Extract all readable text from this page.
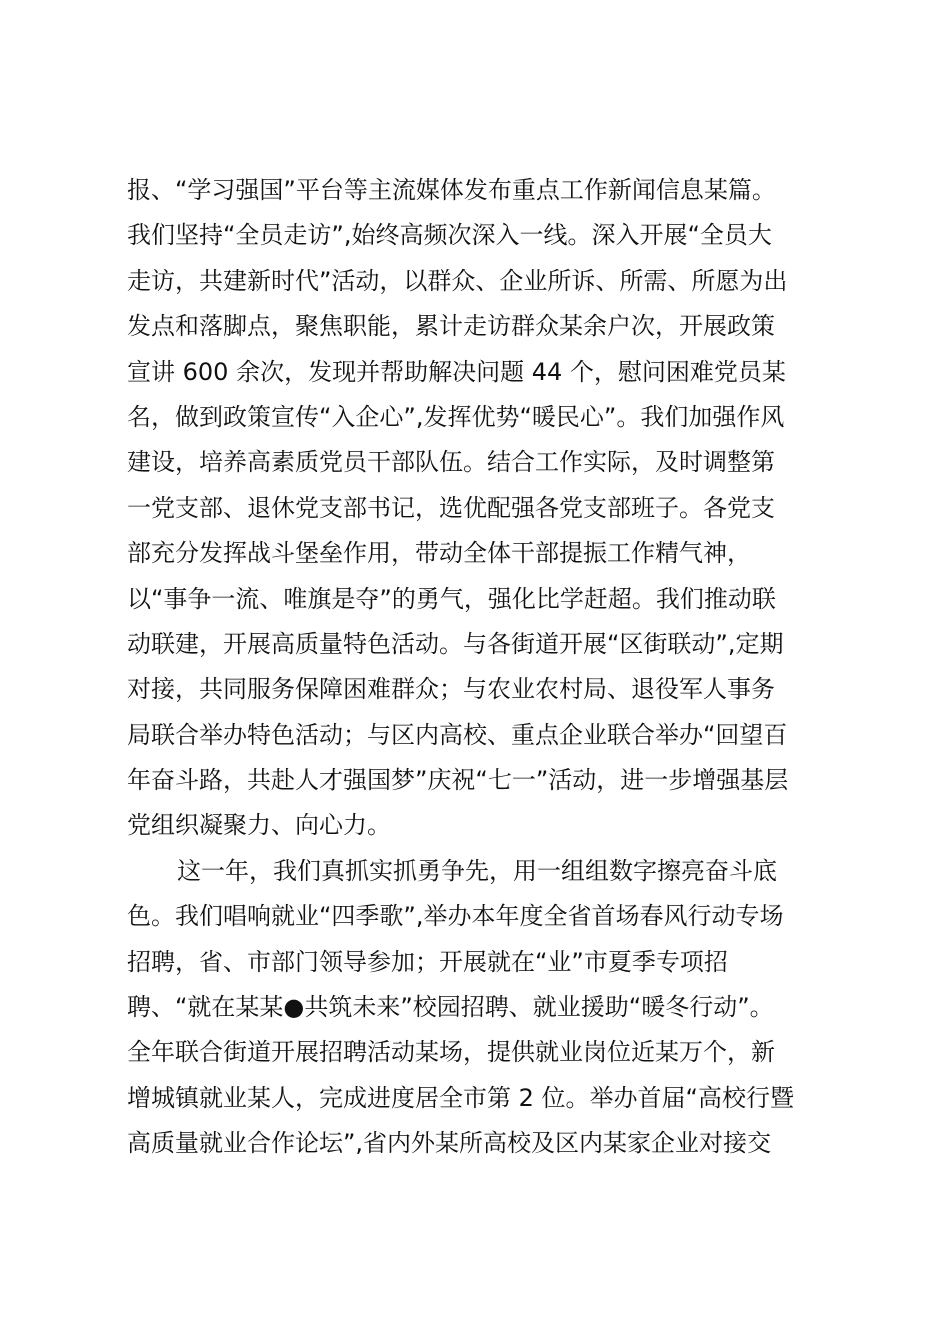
报、“学习强国”平台等主流媒体发布重点工作新闻信息某篇。
我们坚持“全员走访”,始终高频次深入一线。深入开展“全员大
走访，共建新时代”活动，以群众、企业所诉、所需、所愿为出
发点和落脚点，聚焦职能，累计走访群众某余户次，开展政策
宣讲 600 余次，发现并帮助解决问题 44 个，慰问困难党员某
名，做到政策宣传“入企心”,发挥优势“暖民心”。我们加强作风
建设，培养高素质党员干部队伍。结合工作实际，及时调整第
一党支部、退休党支部书记，选优配强各党支部班子。各党支
部充分发挥战斗堡垒作用，带动全体干部提振工作精气神，
以“事争一流、唯旗是夺”的勇气，强化比学赶超。我们推动联
动联建，开展高质量特色活动。与各街道开展“区街联动”,定期
对接，共同服务保障困难群众；与农业农村局、退役军人事务
局联合举办特色活动；与区内高校、重点企业联合举办“回望百
年奋斗路，共赴人才强国梦”庆祝“七一”活动，进一步增强基层
党组织凝聚力、向心力。
这一年，我们真抓实抓勇争先，用一组组数字擦亮奋斗底
色。我们唱响就业“四季歌”,举办本年度全省首场春风行动专场
招聘，省、市部门领导参加；开展就在“业”市夏季专项招
聘、“就在某某●共筑未来”校园招聘、就业援助“暖冬行动”。
全年联合街道开展招聘活动某场，提供就业岗位近某万个，新
增城镇就业某人，完成进度居全市第 2 位。举办首届“高校行暨
高质量就业合作论坛”,省内外某所高校及区内某家企业对接交
